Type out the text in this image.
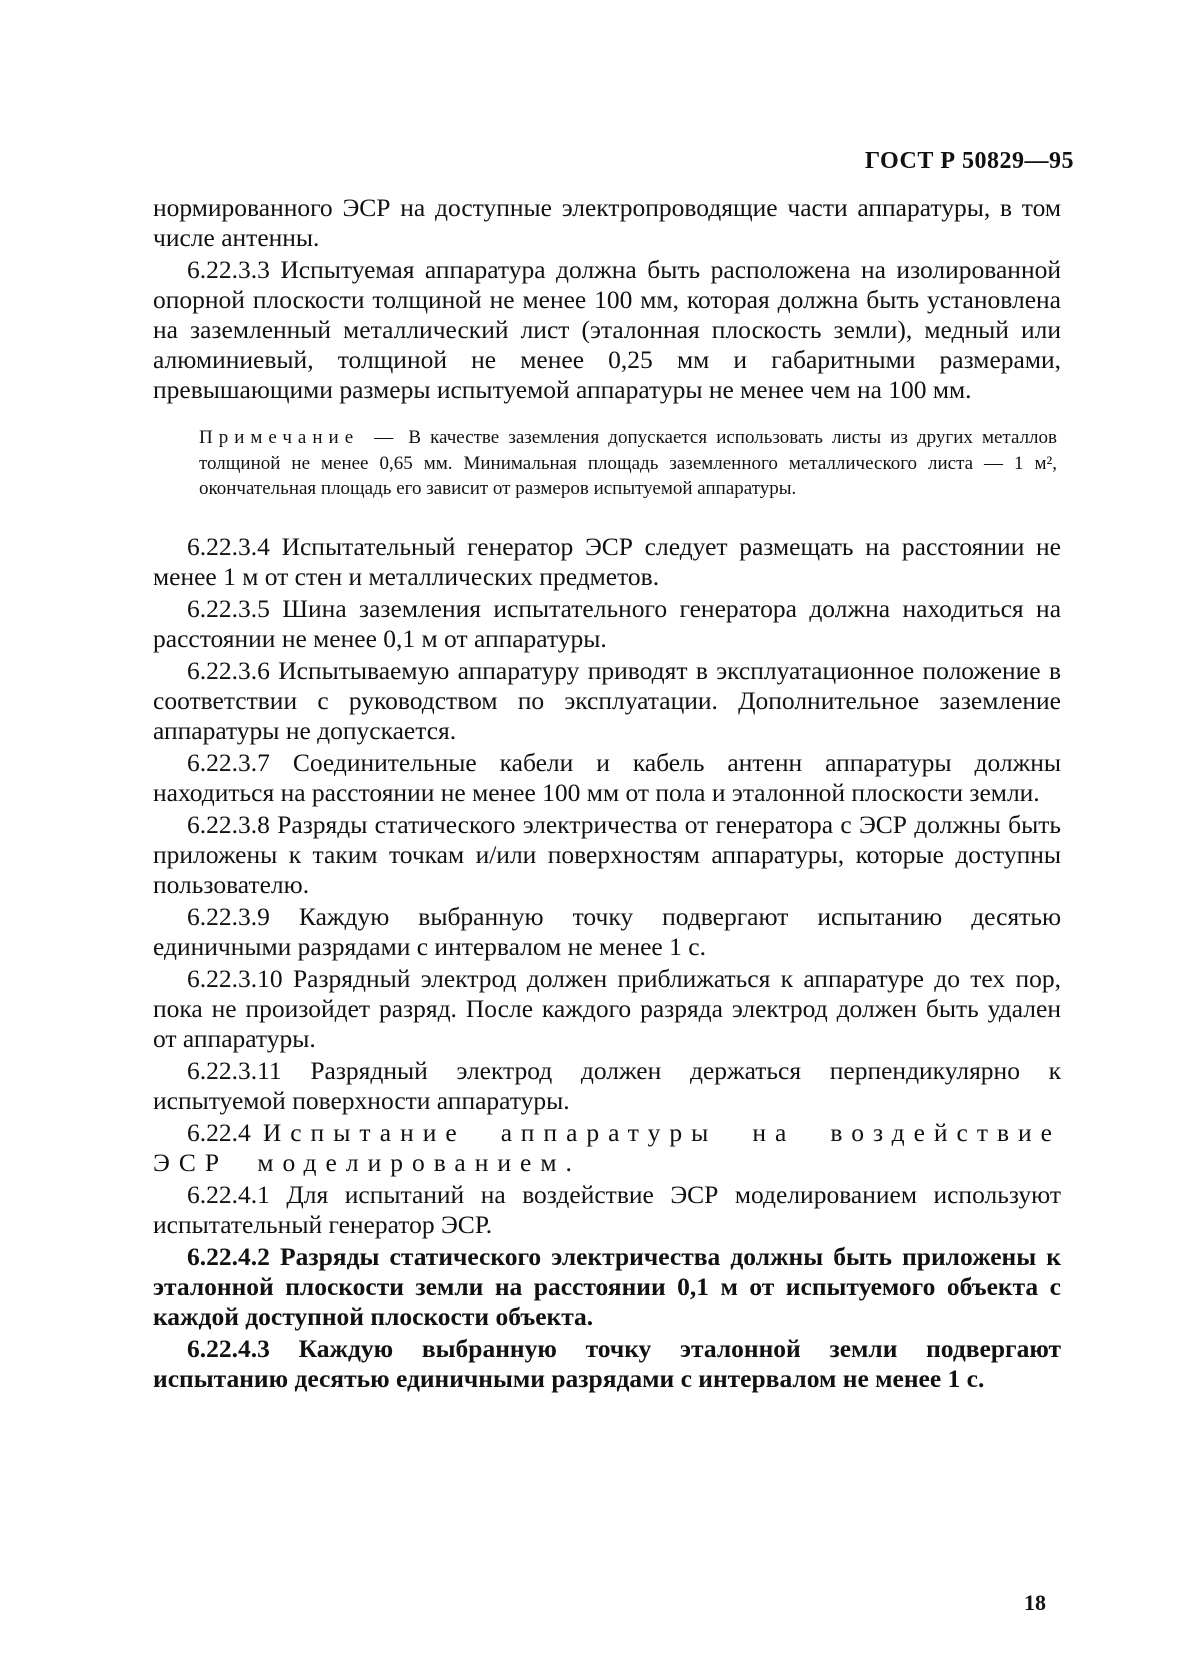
ГОСТ Р 50829—95

нормированного ЭСР на доступные электропроводящие части аппаратуры, в том числе антенны.

6.22.3.3 Испытуемая аппаратура должна быть расположена на изолированной опорной плоскости толщиной не менее 100 мм, которая должна быть установлена на заземленный металлический лист (эталонная плоскость земли), медный или алюминиевый, толщиной не менее 0,25 мм и габаритными размерами, превышающими размеры испытуемой аппаратуры не менее чем на 100 мм.

Примечание — В качестве заземления допускается использовать листы из других металлов толщиной не менее 0,65 мм. Минимальная площадь заземленного металлического листа — 1 м², окончательная площадь его зависит от размеров испытуемой аппаратуры.

6.22.3.4 Испытательный генератор ЭСР следует размещать на расстоянии не менее 1 м от стен и металлических предметов.

6.22.3.5 Шина заземления испытательного генератора должна находиться на расстоянии не менее 0,1 м от аппаратуры.

6.22.3.6 Испытываемую аппаратуру приводят в эксплуатационное положение в соответствии с руководством по эксплуатации. Дополнительное заземление аппаратуры не допускается.

6.22.3.7 Соединительные кабели и кабель антенн аппаратуры должны находиться на расстоянии не менее 100 мм от пола и эталонной плоскости земли.

6.22.3.8 Разряды статического электричества от генератора с ЭСР должны быть приложены к таким точкам и/или поверхностям аппаратуры, которые доступны пользователю.

6.22.3.9 Каждую выбранную точку подвергают испытанию десятью единичными разрядами с интервалом не менее 1 с.

6.22.3.10 Разрядный электрод должен приближаться к аппаратуре до тех пор, пока не произойдет разряд. После каждого разряда электрод должен быть удален от аппаратуры.

6.22.3.11 Разрядный электрод должен держаться перпендикулярно к испытуемой поверхности аппаратуры.

6.22.4 Испытание аппаратуры на воздействие ЭСР моделированием.

6.22.4.1 Для испытаний на воздействие ЭСР моделированием используют испытательный генератор ЭСР.

6.22.4.2 Разряды статического электричества должны быть приложены к эталонной плоскости земли на расстоянии 0,1 м от испытуемого объекта с каждой доступной плоскости объекта.

6.22.4.3 Каждую выбранную точку эталонной земли подвергают испытанию десятью единичными разрядами с интервалом не менее 1 с.

18
